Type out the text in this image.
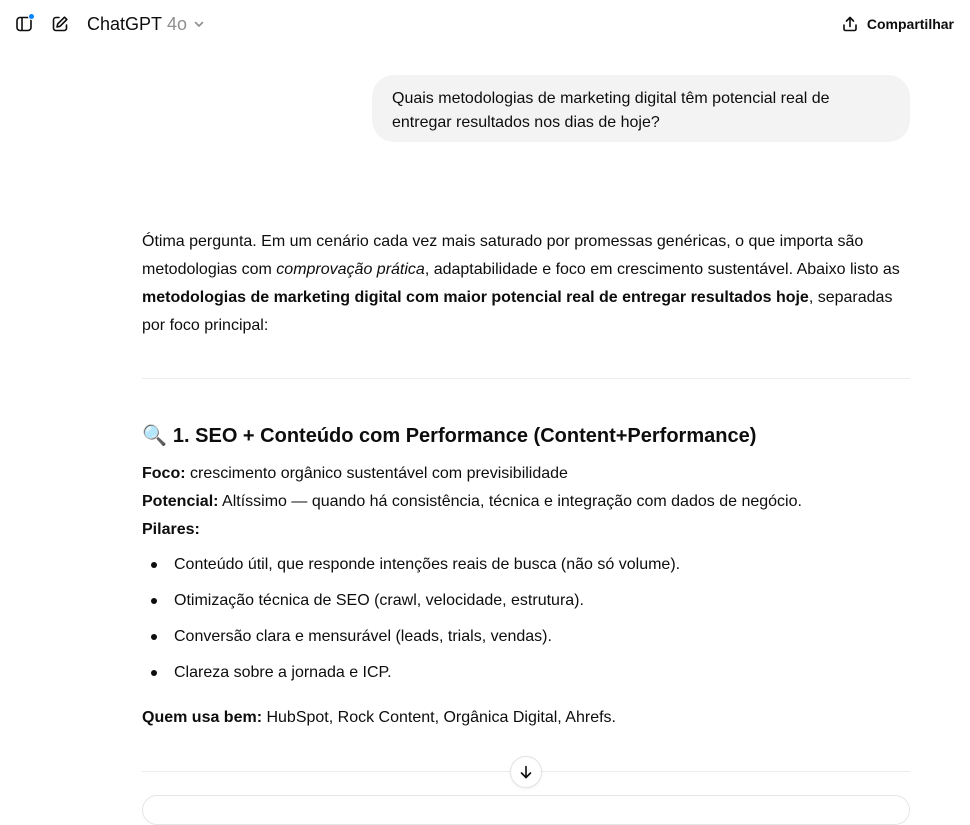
ChatGPT 4o	Compartilhar
Quais metodologias de marketing digital têm potencial real de entregar resultados nos dias de hoje?

Ótima pergunta. Em um cenário cada vez mais saturado por promessas genéricas, o que importa são metodologias com comprovação prática, adaptabilidade e foco em crescimento sustentável. Abaixo listo as metodologias de marketing digital com maior potencial real de entregar resultados hoje, separadas por foco principal:

🔍 1. SEO + Conteúdo com Performance (Content+Performance)
Foco: crescimento orgânico sustentável com previsibilidade
Potencial: Altíssimo — quando há consistência, técnica e integração com dados de negócio.
Pilares:
Conteúdo útil, que responde intenções reais de busca (não só volume).
Otimização técnica de SEO (crawl, velocidade, estrutura).
Conversão clara e mensurável (leads, trials, vendas).
Clareza sobre a jornada e ICP.
Quem usa bem: HubSpot, Rock Content, Orgânica Digital, Ahrefs.
